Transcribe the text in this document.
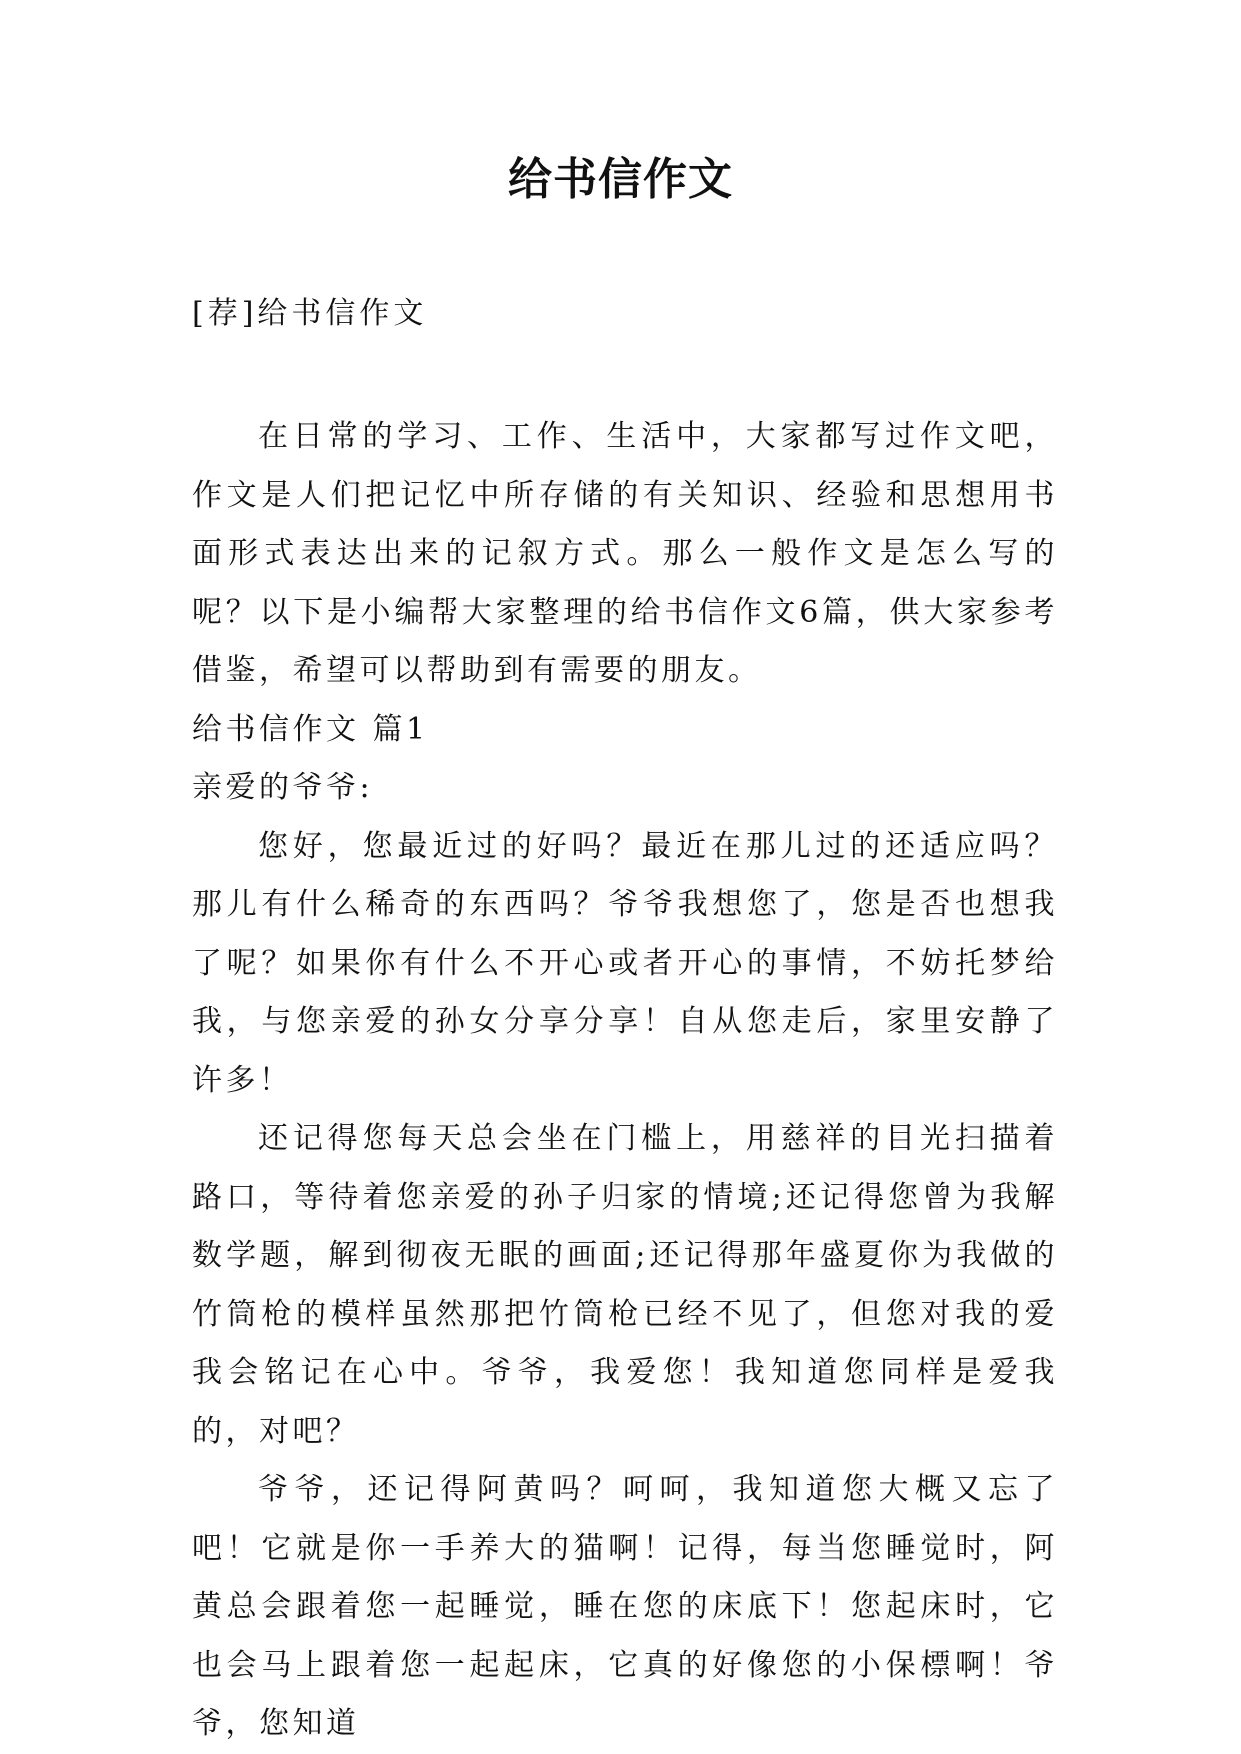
给书信作文
[荐]给书信作文

在日常的学习、工作、生活中，大家都写过作文吧，作文是人们把记忆中所存储的有关知识、经验和思想用书面形式表达出来的记叙方式。那么一般作文是怎么写的呢？以下是小编帮大家整理的给书信作文6篇，供大家参考借鉴，希望可以帮助到有需要的朋友。

给书信作文 篇1

亲爱的爷爷:

您好，您最近过的好吗？最近在那儿过的还适应吗？那儿有什么稀奇的东西吗？爷爷我想您了，您是否也想我了呢？如果你有什么不开心或者开心的事情，不妨托梦给我，与您亲爱的孙女分享分享！自从您走后，家里安静了许多！

还记得您每天总会坐在门槛上，用慈祥的目光扫描着路口，等待着您亲爱的孙子归家的情境;还记得您曾为我解数学题，解到彻夜无眠的画面;还记得那年盛夏你为我做的竹筒枪的模样虽然那把竹筒枪已经不见了，但您对我的爱我会铭记在心中。爷爷，我爱您！我知道您同样是爱我的，对吧？

爷爷，还记得阿黄吗？呵呵，我知道您大概又忘了吧！它就是你一手养大的猫啊！记得，每当您睡觉时，阿黄总会跟着您一起睡觉，睡在您的床底下！您起床时，它也会马上跟着您一起起床，它真的好像您的小保標啊！爷爷，您知道
